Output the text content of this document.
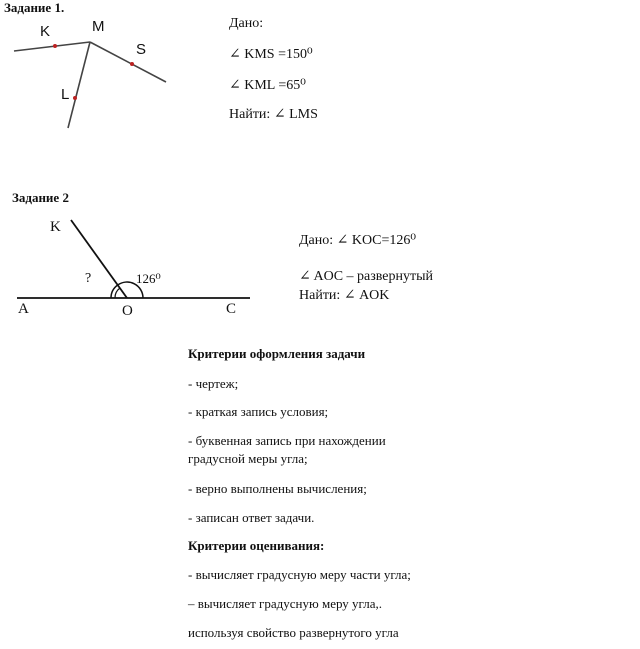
Задание 1.
K	M
S
L
Дано:
∠ KMS =150⁰
∠ KML =65⁰
Найти: ∠ LMS
Задание 2
K
?	126⁰
A	O	C
Дано: ∠ KOC=126⁰
∠ AOC – развернутый
Найти: ∠ AOK
Критерии оформления задачи
- чертеж;
- краткая запись условия;
- буквенная запись при нахождении
градусной меры угла;
- верно выполнены вычисления;
- записан ответ задачи.
Критерии оценивания:
- вычисляет градусную меру части угла;
– вычисляет градусную меру угла,.
используя свойство развернутого угла
